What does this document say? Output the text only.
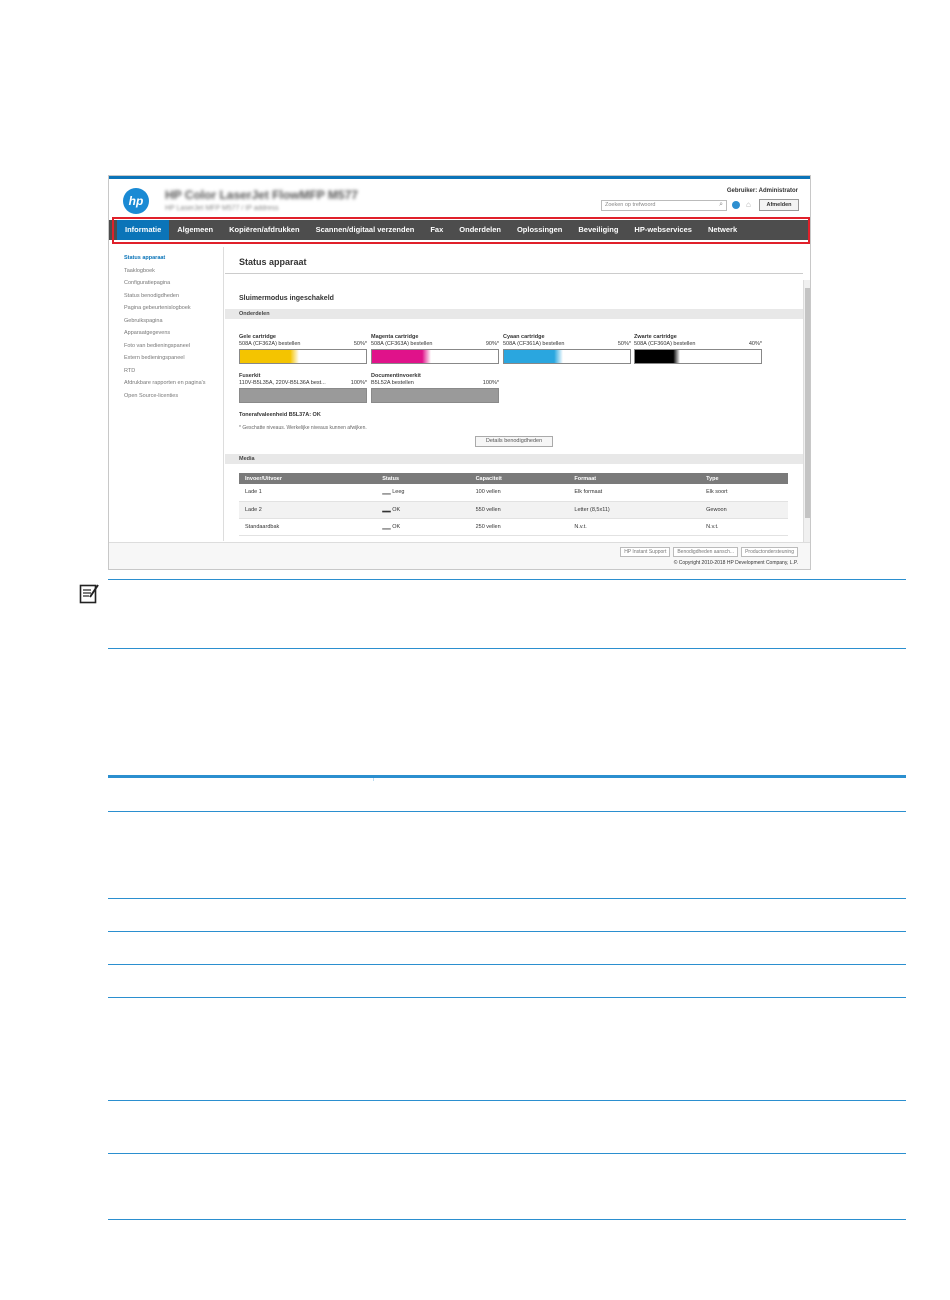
hp	HP Color LaserJet FlowMFP M577
HP LaserJet MFP M577 / IP address
Gebruiker: Administrator
Zoeken op trefwoord	⌕	⌂	Afmelden
Informatie	Algemeen	Kopiëren/afdrukken	Scannen/digitaal verzenden	Fax	Onderdelen	Oplossingen	Beveiliging	HP-webservices	Netwerk
Status apparaat
Taaklogboek
Configuratiepagina
Status benodigdheden
Pagina gebeurtenislogboek
Gebruikspagina
Apparaatgegevens
Foto van bedieningspaneel
Extern bedieningspaneel
RTD
Afdrukbare rapporten en pagina's
Open Source-licenties
Status apparaat
Sluimermodus ingeschakeld
Onderdelen
Gele cartridge
508A (CF362A) bestellen	50%*
Magenta cartridge
508A (CF363A) bestellen	90%*
Cyaan cartridge
508A (CF361A) bestellen	50%*
Zwarte cartridge
508A (CF360A) bestellen	40%*
Fuserkit
110V-B5L35A, 220V-B5L36A best...	100%*
Documentinvoerkit
B5L52A bestellen	100%*
Tonerafvaleenheid B5L37A: OK
* Geschatte niveaus. Werkelijke niveaus kunnen afwijken.
Details benodigdheden
Media
Invoer/Uitvoer	Status	Capaciteit	Formaat	Type
Lade 1	▁▁ Leeg	100 vellen	Elk formaat	Elk soort
Lade 2	▂▂ OK	550 vellen	Letter (8,5x11)	Gewoon
Standaardbak	▁▁ OK	250 vellen	N.v.t.	N.v.t.
HP Instant Support	Benodigdheden aansch...	Productondersteuning
© Copyright 2010-2018 HP Development Company, L.P.
